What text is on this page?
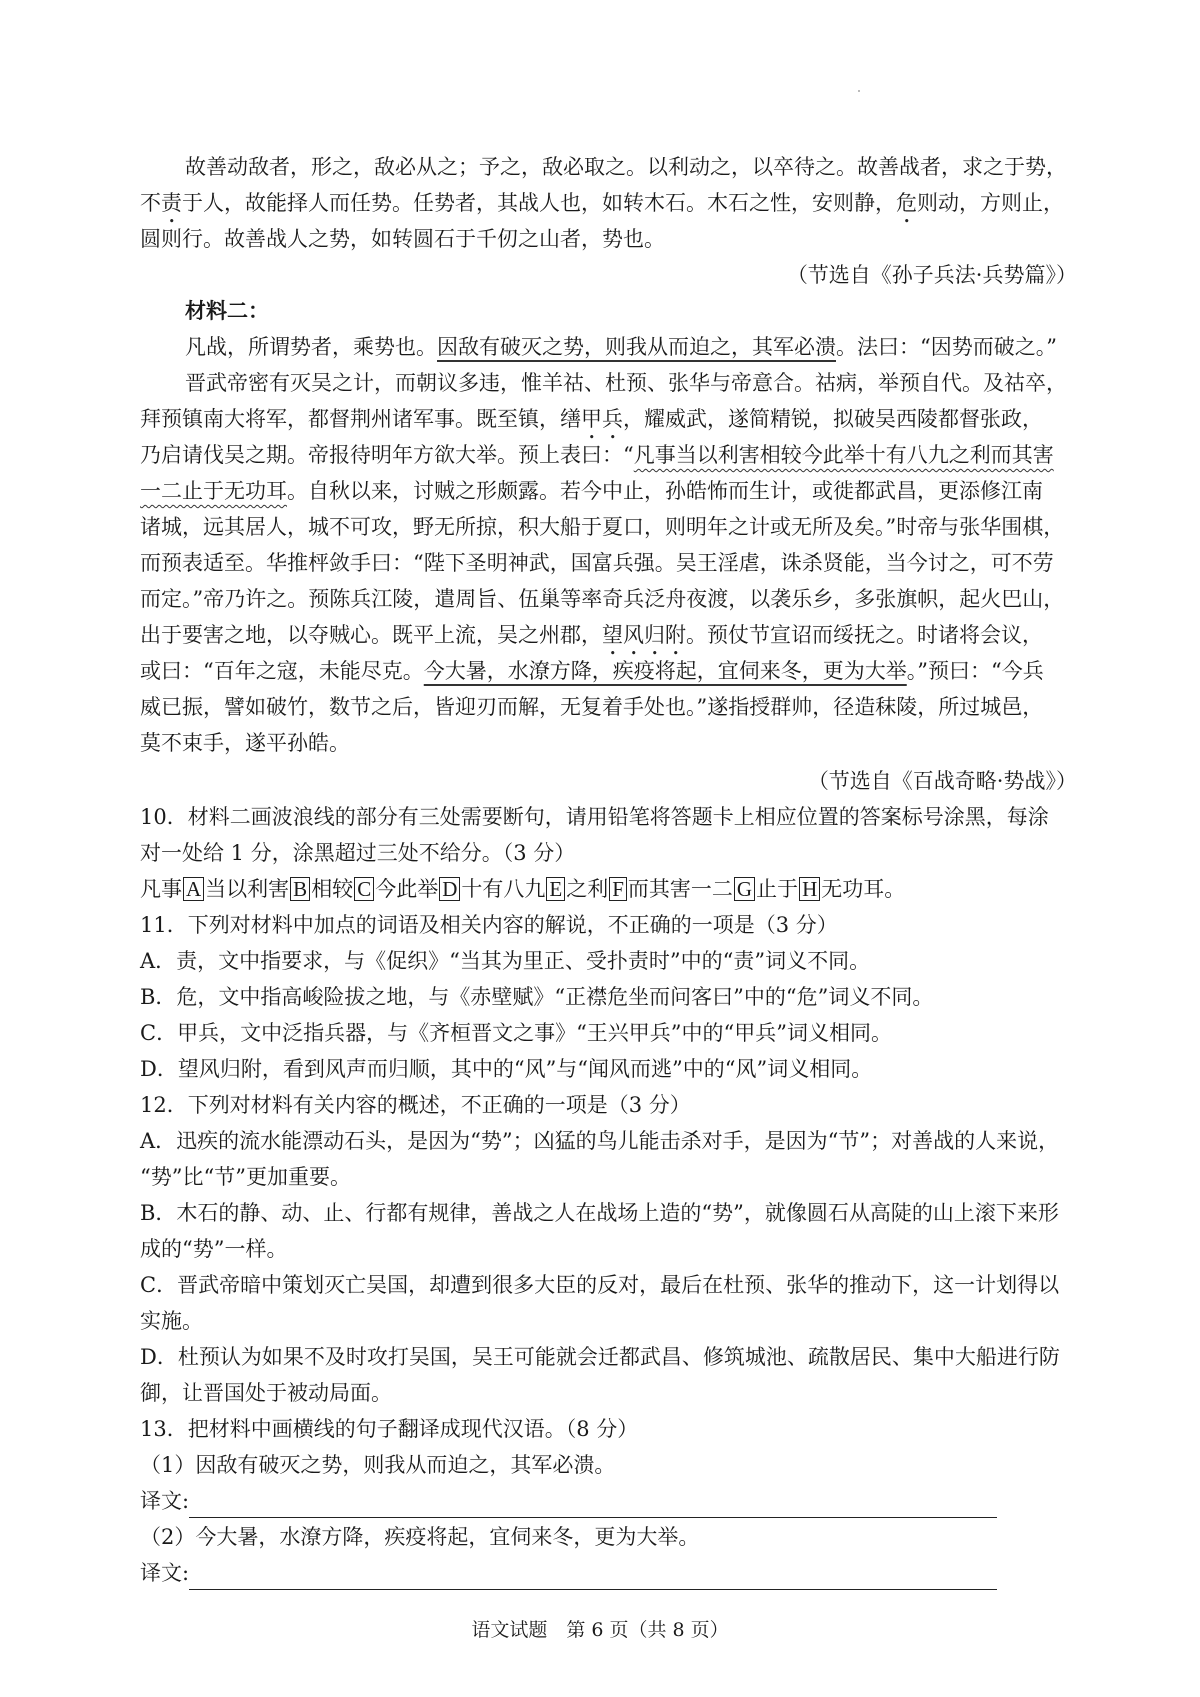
故善动敌者，形之，敌必从之；予之，敌必取之。以利动之，以卒待之。故善战者，求之于势，
不责于人，故能择人而任势。任势者，其战人也，如转木石。木石之性，安则静，危则动，方则止，
圆则行。故善战人之势，如转圆石于千仞之山者，势也。
（节选自《孙子兵法·兵势篇》）
材料二：
凡战，所谓势者，乘势也。因敌有破灭之势，则我从而迫之，其军必溃。法曰：“因势而破之。”
晋武帝密有灭吴之计，而朝议多违，惟羊祜、杜预、张华与帝意合。祜病，举预自代。及祜卒，
拜预镇南大将军，都督荆州诸军事。既至镇，缮甲兵，耀威武，遂简精锐，拟破吴西陵都督张政，
乃启请伐吴之期。帝报待明年方欲大举。预上表曰：“凡事当以利害相较今此举十有八九之利而其害
一二止于无功耳。自秋以来，讨贼之形颇露。若今中止，孙皓怖而生计，或徙都武昌，更添修江南
诸城，远其居人，城不可攻，野无所掠，积大船于夏口，则明年之计或无所及矣。”时帝与张华围棋，
而预表适至。华推枰敛手曰：“陛下圣明神武，国富兵强。吴王淫虐，诛杀贤能，当今讨之，可不劳
而定。”帝乃许之。预陈兵江陵，遣周旨、伍巢等率奇兵泛舟夜渡，以袭乐乡，多张旗帜，起火巴山，
出于要害之地，以夺贼心。既平上流，吴之州郡，望风归附。预仗节宣诏而绥抚之。时诸将会议，
或曰：“百年之寇，未能尽克。今大暑，水潦方降，疾疫将起，宜伺来冬，更为大举。”预曰：“今兵
威已振，譬如破竹，数节之后，皆迎刃而解，无复着手处也。”遂指授群帅，径造秣陵，所过城邑，
莫不束手，遂平孙皓。
（节选自《百战奇略·势战》）
10．材料二画波浪线的部分有三处需要断句，请用铅笔将答题卡上相应位置的答案标号涂黑，每涂
对一处给 1 分，涂黑超过三处不给分。（3 分）
凡事 A 当以利害 B 相较 C 今此举 D 十有八九 E 之利 F 而其害一二 G 止于 H 无功耳。
11．下列对材料中加点的词语及相关内容的解说，不正确的一项是（3 分）
A．责，文中指要求，与《促织》“当其为里正、受扑责时”中的“责”词义不同。
B．危，文中指高峻险拔之地，与《赤壁赋》“正襟危坐而问客曰”中的“危”词义不同。
C．甲兵，文中泛指兵器，与《齐桓晋文之事》“王兴甲兵”中的“甲兵”词义相同。
D．望风归附，看到风声而归顺，其中的“风”与“闻风而逃”中的“风”词义相同。
12．下列对材料有关内容的概述，不正确的一项是（3 分）
A．迅疾的流水能漂动石头，是因为“势”；凶猛的鸟儿能击杀对手，是因为“节”；对善战的人来说，
“势”比“节”更加重要。
B．木石的静、动、止、行都有规律，善战之人在战场上造的“势”，就像圆石从高陡的山上滚下来形
成的“势”一样。
C．晋武帝暗中策划灭亡吴国，却遭到很多大臣的反对，最后在杜预、张华的推动下，这一计划得以
实施。
D．杜预认为如果不及时攻打吴国，吴王可能就会迁都武昌、修筑城池、疏散居民、集中大船进行防
御，让晋国处于被动局面。
13．把材料中画横线的句子翻译成现代汉语。（8 分）
（1）因敌有破灭之势，则我从而迫之，其军必溃。
译文:
（2）今大暑，水潦方降，疾疫将起，宜伺来冬，更为大举。
译文:
语文试题　第 6 页（共 8 页）
